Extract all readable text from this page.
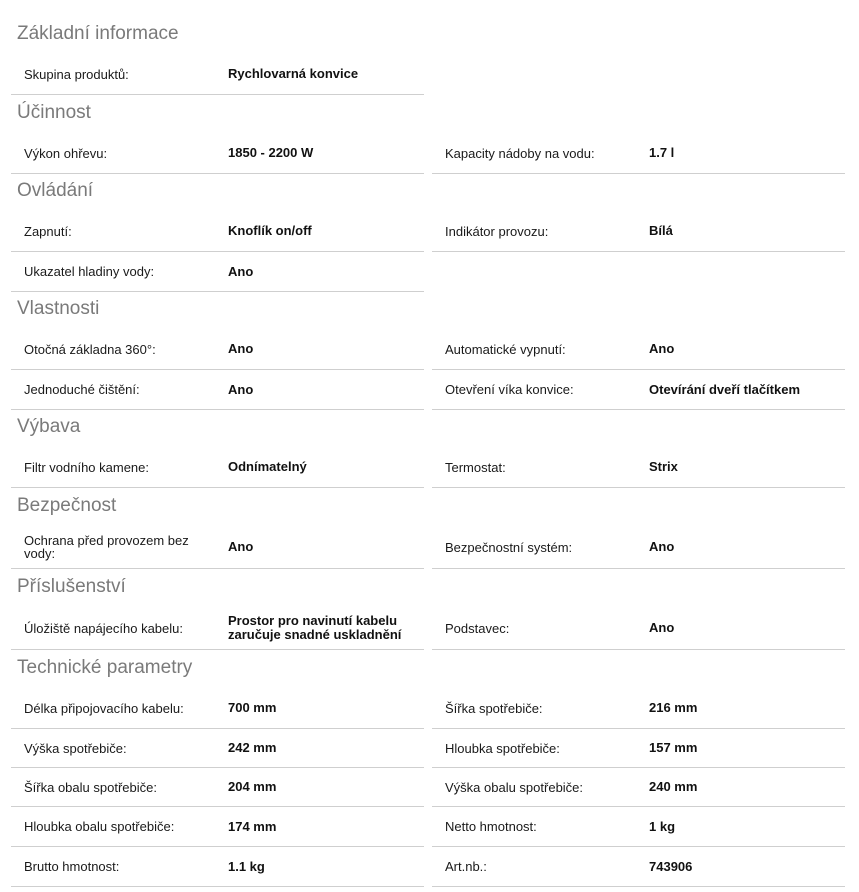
Základní informace
Skupina produktů:	Rychlovarná konvice
Účinnost
Výkon ohřevu:	1850 - 2200 W	Kapacity nádoby na vodu:	1.7 l
Ovládání
Zapnutí:	Knoflík on/off	Indikátor provozu:	Bílá
Ukazatel hladiny vody:	Ano
Vlastnosti
Otočná základna 360°:	Ano	Automatické vypnutí:	Ano
Jednoduché čištění:	Ano	Otevření víka konvice:	Otevírání dveří tlačítkem
Výbava
Filtr vodního kamene:	Odnímatelný	Termostat:	Strix
Bezpečnost
Ochrana před provozem bez vody:	Ano	Bezpečnostní systém:	Ano
Příslušenství
Úložiště napájecího kabelu:	Prostor pro navinutí kabelu zaručuje snadné uskladnění	Podstavec:	Ano
Technické parametry
Délka připojovacího kabelu:	700 mm	Šířka spotřebiče:	216 mm
Výška spotřebiče:	242 mm	Hloubka spotřebiče:	157 mm
Šířka obalu spotřebiče:	204 mm	Výška obalu spotřebiče:	240 mm
Hloubka obalu spotřebiče:	174 mm	Netto hmotnost:	1 kg
Brutto hmotnost:	1.1 kg	Art.nb.:	743906
